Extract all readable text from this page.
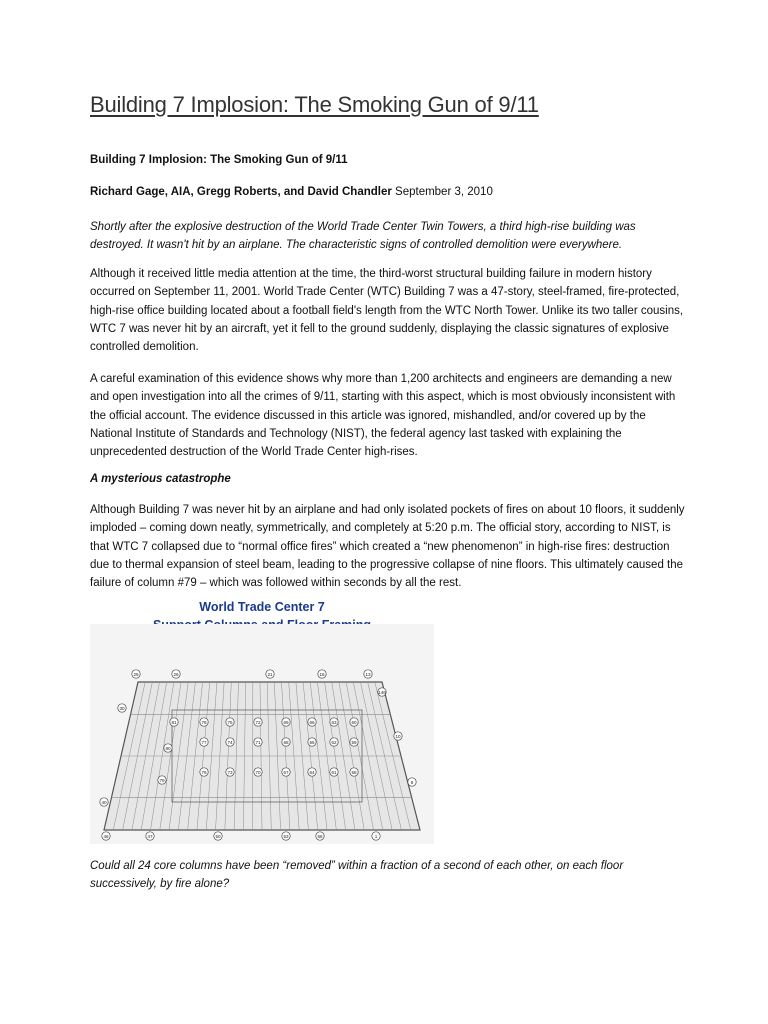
Building 7 Implosion: The Smoking Gun of 9/11

Building 7 Implosion: The Smoking Gun of 9/11

Richard Gage, AIA, Gregg Roberts, and David Chandler September 3, 2010

Shortly after the explosive destruction of the World Trade Center Twin Towers, a third high-rise building was
destroyed. It wasn't hit by an airplane. The characteristic signs of controlled demolition were everywhere.
Although it received little media attention at the time, the third-worst structural building failure in modern history
occurred on September 11, 2001. World Trade Center (WTC) Building 7 was a 47-story, steel-framed, fire-protected,
high-rise office building located about a football field's length from the WTC North Tower. Unlike its two taller cousins,
WTC 7 was never hit by an aircraft, yet it fell to the ground suddenly, displaying the classic signatures of explosive
controlled demolition.
A careful examination of this evidence shows why more than 1,200 architects and engineers are demanding a new
and open investigation into all the crimes of 9/11, starting with this aspect, which is most obviously inconsistent with
the official account. The evidence discussed in this article was ignored, mishandled, and/or covered up by the
National Institute of Standards and Technology (NIST), the federal agency last tasked with explaining the
unprecedented destruction of the World Trade Center high-rises.

A mysterious catastrophe

Although Building 7 was never hit by an airplane and had only isolated pockets of fires on about 10 floors, it suddenly
imploded – coming down neatly, symmetrically, and completely at 5:20 p.m. The official story, according to NIST, is
that WTC 7 collapsed due to “normal office fires” which created a “new phenomenon” in high-rise fires: destruction
due to thermal expansion of steel beam, leading to the progressive collapse of nine floors. This ultimately caused the
failure of column #79 – which was followed within seconds by all the rest.

World Trade Center 7

25	26	21	16	13
46	47	50	53	58	1
30
40
146
10
6
81	78	75	72	69	66	63	60
77	74	71	68	65	62	59
80
79
76	73	70	67	64	61	58
Could all 24 core columns have been “removed” within a fraction of a second of each other, on each floor
successively, by fire alone?
